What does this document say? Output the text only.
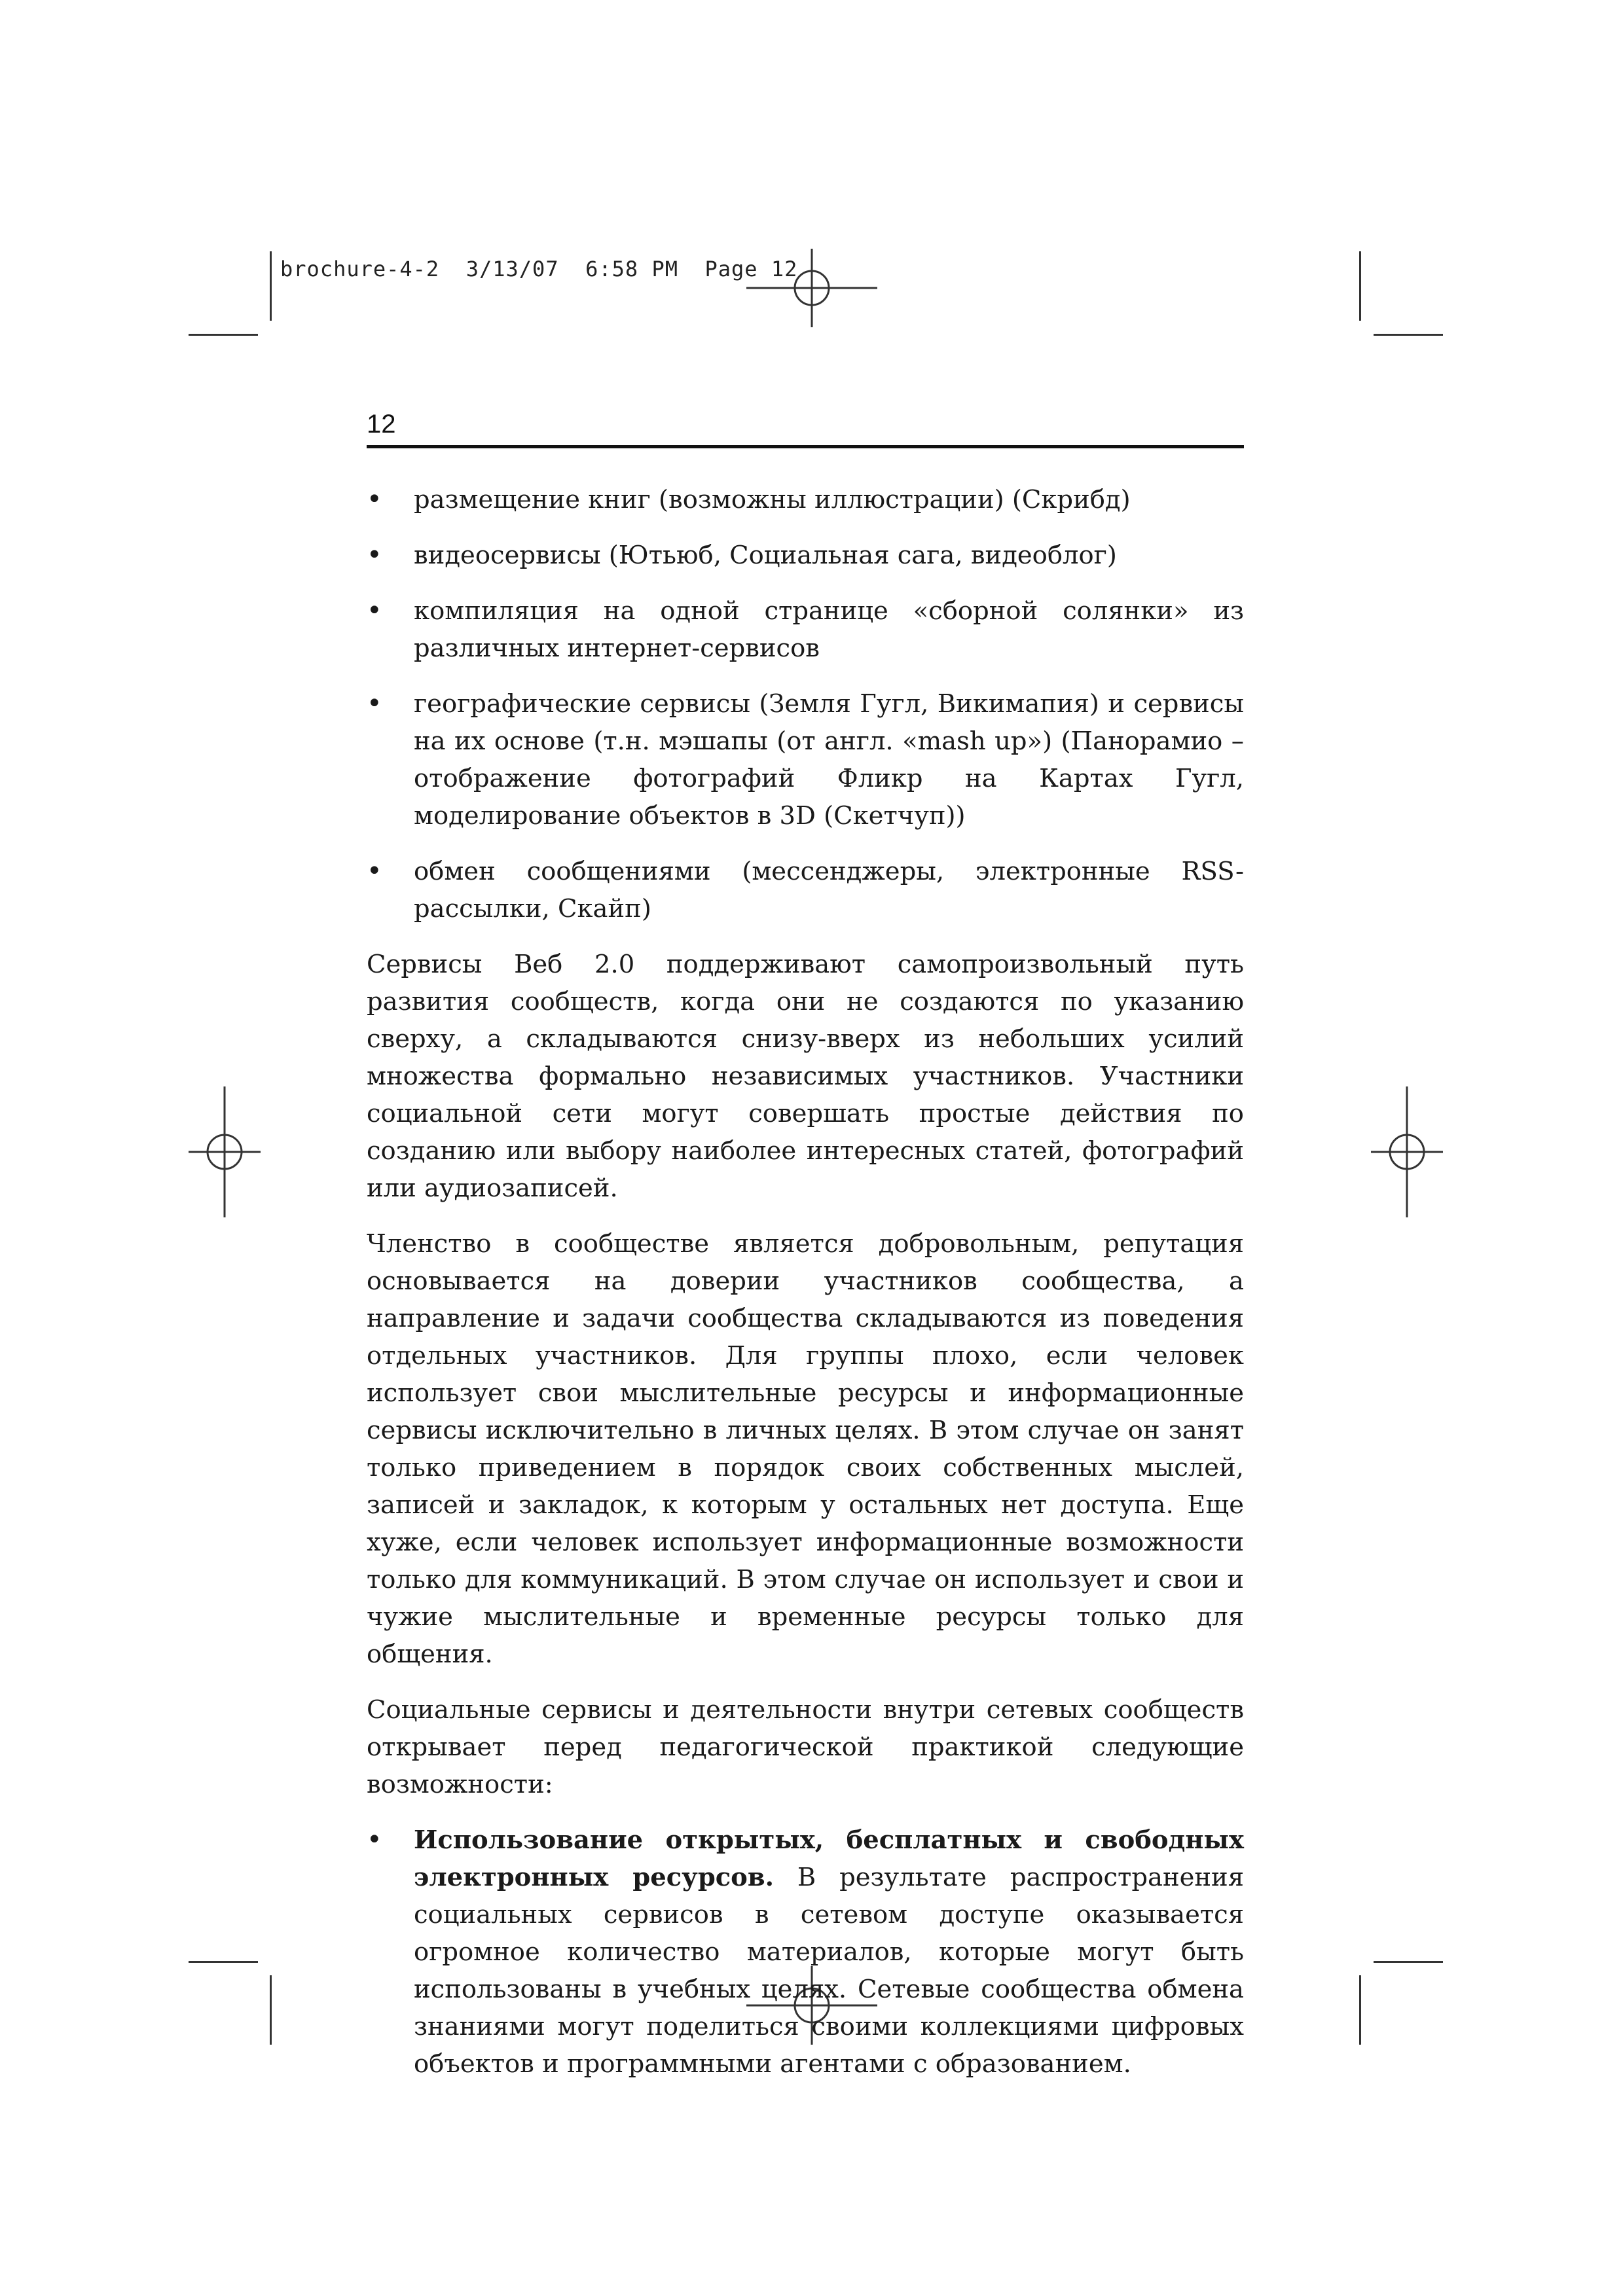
brochure-4-2  3/13/07  6:58 PM  Page 12
12
• размещение книг (возможны иллюстрации) (Скрибд)
• видеосервисы (Ютьюб, Социальная сага, видеоблог)
• компиляция на одной странице «сборной солянки» из различных интернет-сервисов
• географические сервисы (Земля Гугл, Викимапия) и сервисы на их основе (т.н. мэшапы (от англ. «mash up») (Панорамио – отображение фотографий Фликр на Картах Гугл, моделирование объектов в 3D (Скетчуп))
• обмен сообщениями (мессенджеры, электронные RSS-рассылки, Скайп)

Сервисы Веб 2.0 поддерживают самопроизвольный путь развития сообществ, когда они не создаются по указанию сверху, а складываются снизу-вверх из небольших усилий множества формально независимых участников. Участники социальной сети могут совершать простые действия по созданию или выбору наиболее интересных статей, фотографий или аудиозаписей.

Членство в сообществе является добровольным, репутация основывается на доверии участников сообщества, а направление и задачи сообщества складываются из поведения отдельных участников. Для группы плохо, если человек использует свои мыслительные ресурсы и информационные сервисы исключительно в личных целях. В этом случае он занят только приведением в порядок своих собственных мыслей, записей и закладок, к которым у остальных нет доступа. Еще хуже, если человек использует информационные возможности только для коммуникаций. В этом случае он использует и свои и чужие мыслительные и временные ресурсы только для общения.

Социальные сервисы и деятельности внутри сетевых сообществ открывает перед педагогической практикой следующие возможности:

• Использование открытых, бесплатных и свободных электронных ресурсов. В результате распространения социальных сервисов в сетевом доступе оказывается огромное количество материалов, которые могут быть использованы в учебных целях. Сетевые сообщества обмена знаниями могут поделиться своими коллекциями цифровых объектов и программными агентами с образованием.
